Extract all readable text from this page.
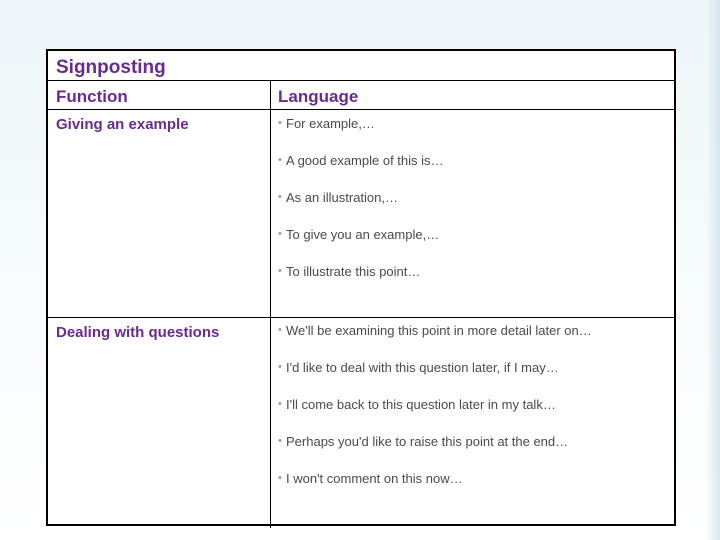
Signposting
Function	Language
Giving an example	• For example,…
• A good example of this is…
• As an illustration,…
• To give you an example,…
• To illustrate this point…
Dealing with questions	• We'll be examining this point in more detail later on…
• I'd like to deal with this question later, if I may…
• I'll come back to this question later in my talk…
• Perhaps you'd like to raise this point at the end…
• I won't comment on this now…
